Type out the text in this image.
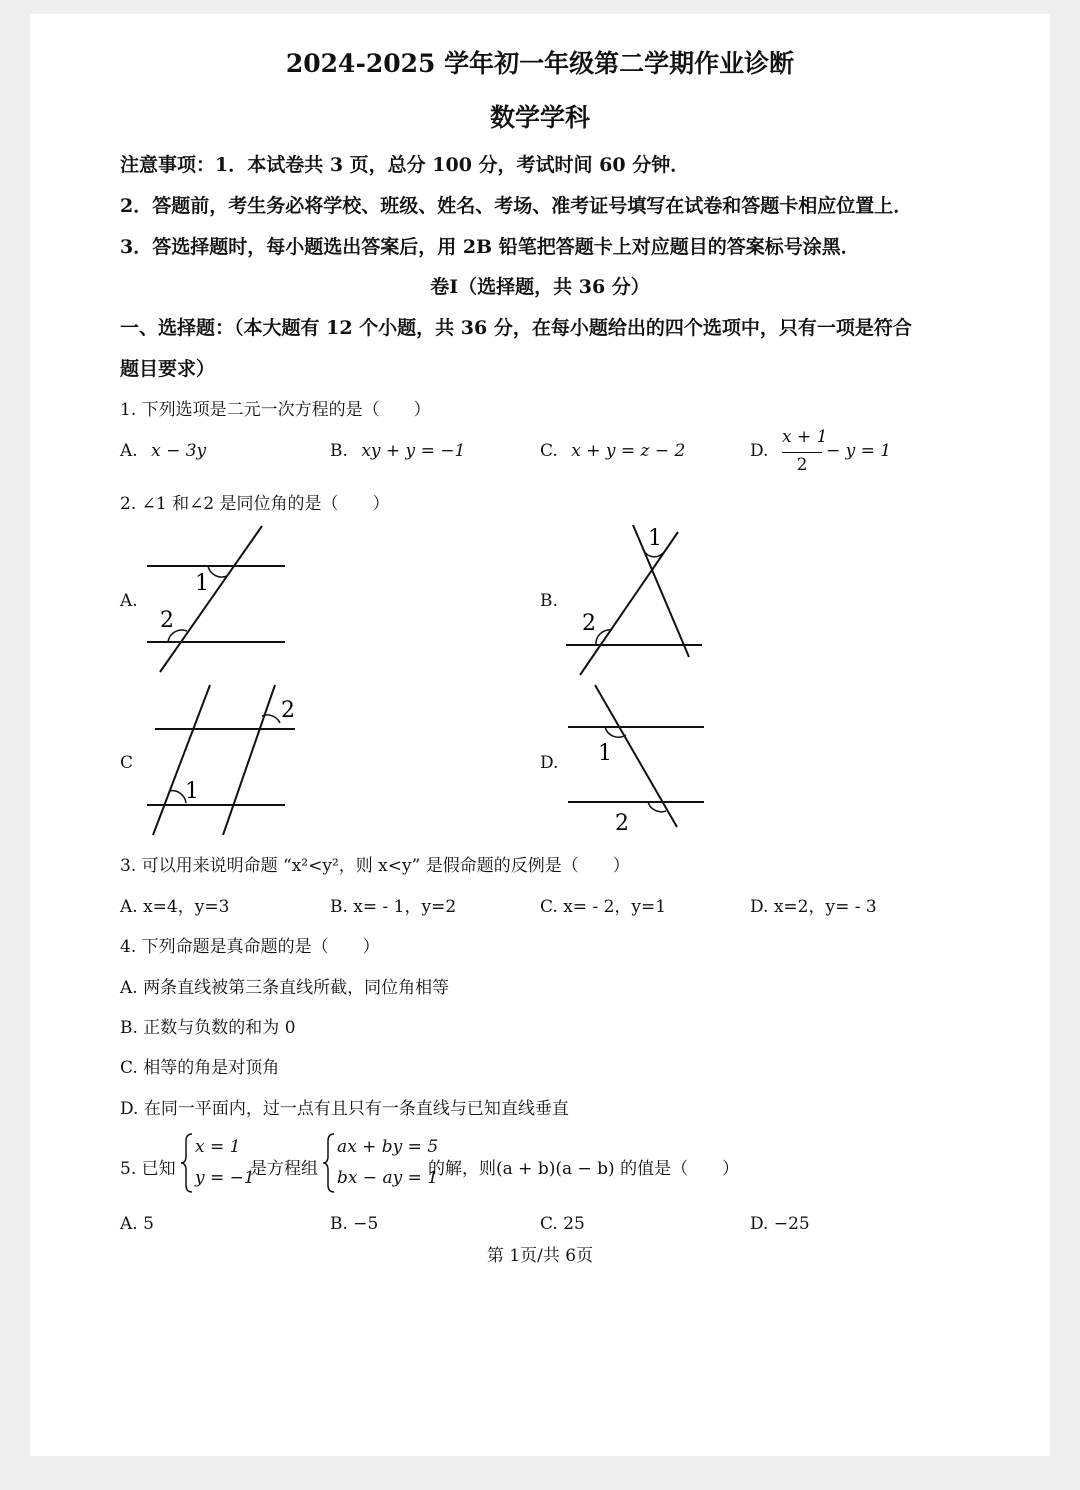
2024-2025 学年初一年级第二学期作业诊断
数学学科
注意事项：1．本试卷共 3 页，总分 100 分，考试时间 60 分钟．
2．答题前，考生务必将学校、班级、姓名、考场、准考证号填写在试卷和答题卡相应位置上．
3．答选择题时，每小题选出答案后，用 2B 铅笔把答题卡上对应题目的答案标号涂黑．
卷I（选择题，共 36 分）
一、选择题：（本大题有 12 个小题，共 36 分，在每小题给出的四个选项中，只有一项是符合
题目要求）
1. 下列选项是二元一次方程的是（　　）
A. x − 3y	B. xy + y = −1	C. x + y = z − 2	D.
x + 1
2
− y = 1
2. ∠1 和∠2 是同位角的是（　　）
A.	B.
C	D.
1
2
1
2
1
2
1
2
3. 可以用来说明命题 “x²<y²，则 x<y” 是假命题的反例是（　　）
A. x=4，y=3	B. x= - 1，y=2	C. x= - 2，y=1	D. x=2，y= - 3
4. 下列命题是真命题的是（　　）
A. 两条直线被第三条直线所截，同位角相等
B. 正数与负数的和为 0
C. 相等的角是对顶角
D. 在同一平面内，过一点有且只有一条直线与已知直线垂直
5. 已知
x = 1
y = −1
是方程组
ax + by = 5
bx − ay = 1
的解，则(a + b)(a − b) 的值是（　　）
A. 5	B. −5	C. 25	D. −25
第 1页/共 6页
